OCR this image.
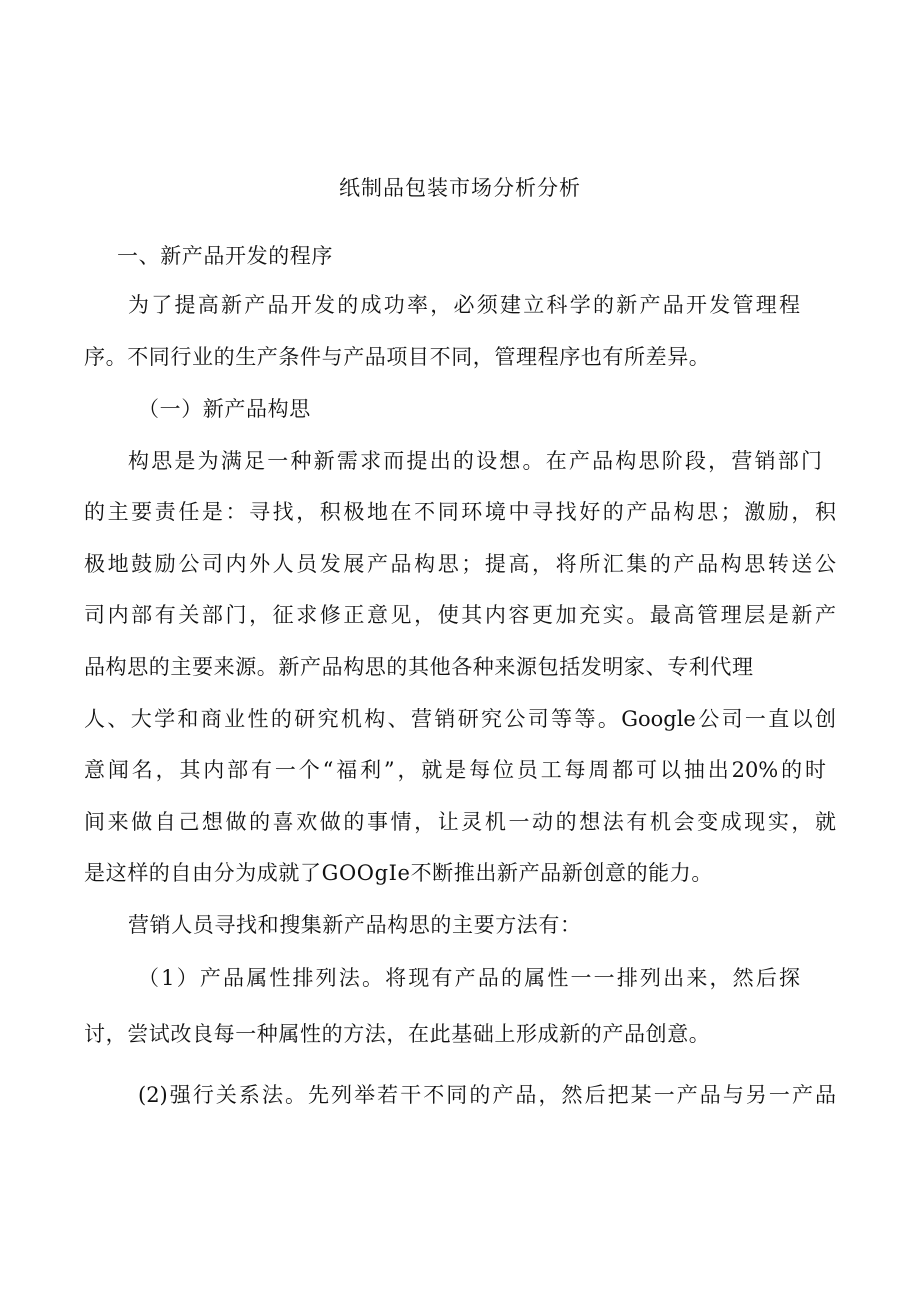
纸制品包装市场分析分析
一、新产品开发的程序
为了提高新产品开发的成功率，必须建立科学的新产品开发管理程
序。不同行业的生产条件与产品项目不同，管理程序也有所差异。
（一）新产品构思
构思是为满足一种新需求而提出的设想。在产品构思阶段，营销部门
的主要责任是：寻找，积极地在不同环境中寻找好的产品构思；激励，积
极地鼓励公司内外人员发展产品构思；提高，将所汇集的产品构思转送公
司内部有关部门，征求修正意见，使其内容更加充实。最高管理层是新产
品构思的主要来源。新产品构思的其他各种来源包括发明家、专利代理
人、大学和商业性的研究机构、营销研究公司等等。Google公司一直以创
意闻名，其内部有一个“福利”，就是每位员工每周都可以抽出20%的时
间来做自己想做的喜欢做的事情，让灵机一动的想法有机会变成现实，就
是这样的自由分为成就了GOOgIe不断推出新产品新创意的能力。
营销人员寻找和搜集新产品构思的主要方法有：
（1）产品属性排列法。将现有产品的属性一一排列出来，然后探
讨，尝试改良每一种属性的方法，在此基础上形成新的产品创意。
(2)强行关系法。先列举若干不同的产品，然后把某一产品与另一产品
